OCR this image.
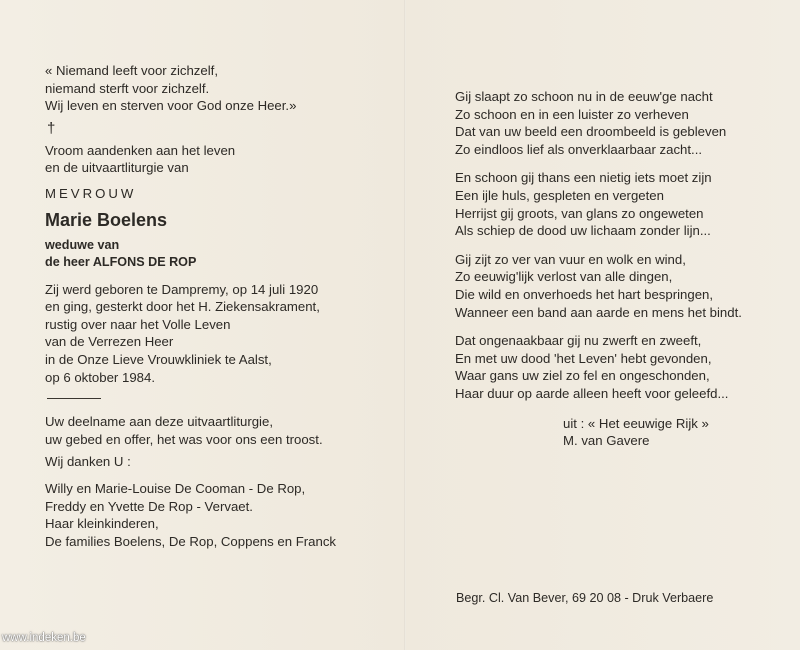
« Niemand leeft voor zichzelf,
niemand sterft voor zichzelf.
Wij leven en sterven voor God onze Heer.»
†
Vroom aandenken aan het leven
en de uitvaartliturgie van
MEVROUW
Marie Boelens
weduwe van
de heer ALFONS DE ROP
Zij werd geboren te Dampremy, op 14 juli 1920
en ging, gesterkt door het H. Ziekensakrament,
rustig over naar het Volle Leven
van de Verrezen Heer
in de Onze Lieve Vrouwkliniek te Aalst,
op 6 oktober 1984.
Uw deelname aan deze uitvaartliturgie,
uw gebed en offer, het was voor ons een troost.
Wij danken U :
Willy en Marie-Louise De Cooman - De Rop,
Freddy en Yvette De Rop - Vervaet.
Haar kleinkinderen,
De families Boelens, De Rop, Coppens en Franck
Gij slaapt zo schoon nu in de eeuw'ge nacht
Zo schoon en in een luister zo verheven
Dat van uw beeld een droombeeld is gebleven
Zo eindloos lief als onverklaarbaar zacht...
En schoon gij thans een nietig iets moet zijn
Een ijle huls, gespleten en vergeten
Herrijst gij groots, van glans zo ongeweten
Als schiep de dood uw lichaam zonder lijn...
Gij zijt zo ver van vuur en wolk en wind,
Zo eeuwig'lijk verlost van alle dingen,
Die wild en onverhoeds het hart bespringen,
Wanneer een band aan aarde en mens het bindt.
Dat ongenaakbaar gij nu zwerft en zweeft,
En met uw dood 'het Leven' hebt gevonden,
Waar gans uw ziel zo fel en ongeschonden,
Haar duur op aarde alleen heeft voor geleefd...
uit : « Het eeuwige Rijk »
M. van Gavere
Begr. Cl. Van Bever, 69 20 08 - Druk Verbaere
www.indeken.be
